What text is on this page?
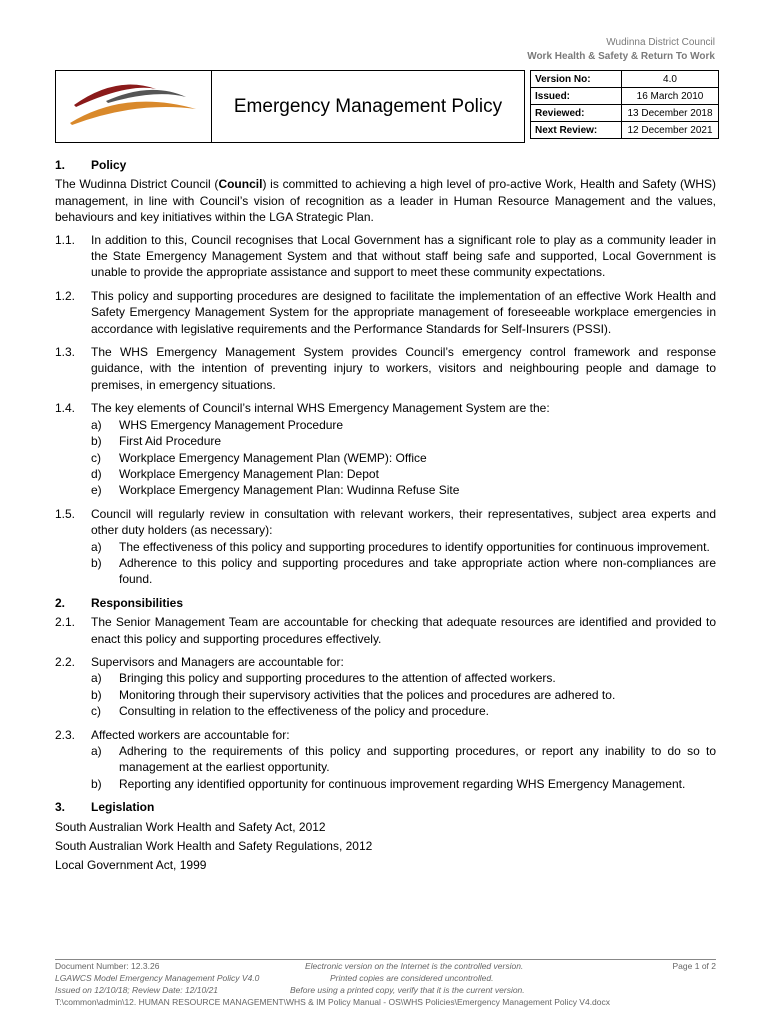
Wudinna District Council
Work Health & Safety & Return To Work
	Emergency Management Policy	
Version No:	4.0
Issued:	16 March 2010
Reviewed:	13 December 2018
Next Review:	12 December 2021
1.	Policy
The Wudinna District Council (Council) is committed to achieving a high level of pro-active Work, Health and Safety (WHS) management, in line with Council’s vision of recognition as a leader in Human Resource Management and the values, behaviours and key initiatives within the LGA Strategic Plan.
1.1.	In addition to this, Council recognises that Local Government has a significant role to play as a community leader in the State Emergency Management System and that without staff being safe and supported, Local Government is unable to provide the appropriate assistance and support to meet these community expectations.
1.2.	This policy and supporting procedures are designed to facilitate the implementation of an effective Work Health and Safety Emergency Management System for the appropriate management of foreseeable workplace emergencies in accordance with legislative requirements and the Performance Standards for Self-Insurers (PSSI).
1.3.	The WHS Emergency Management System provides Council’s emergency control framework and response guidance, with the intention of preventing injury to workers, visitors and neighbouring people and damage to premises, in emergency situations.
1.4.	The key elements of Council’s internal WHS Emergency Management System are the:
a)	WHS Emergency Management Procedure
b)	First Aid Procedure
c)	Workplace Emergency Management Plan (WEMP): Office
d)	Workplace Emergency Management Plan: Depot
e)	Workplace Emergency Management Plan: Wudinna Refuse Site
1.5.	Council will regularly review in consultation with relevant workers, their representatives, subject area experts and other duty holders (as necessary):
a)	The effectiveness of this policy and supporting procedures to identify opportunities for continuous improvement.
b)	Adherence to this policy and supporting procedures and take appropriate action where non-compliances are found.
2.	Responsibilities
2.1.	The Senior Management Team are accountable for checking that adequate resources are identified and provided to enact this policy and supporting procedures effectively.
2.2.	Supervisors and Managers are accountable for:
a)	Bringing this policy and supporting procedures to the attention of affected workers.
b)	Monitoring through their supervisory activities that the polices and procedures are adhered to.
c)	Consulting in relation to the effectiveness of the policy and procedure.
2.3.	Affected workers are accountable for:
a)	Adhering to the requirements of this policy and supporting procedures, or report any inability to do so to management at the earliest opportunity.
b)	Reporting any identified opportunity for continuous improvement regarding WHS Emergency Management.
3.	Legislation
South Australian Work Health and Safety Act, 2012
South Australian Work Health and Safety Regulations, 2012
Local Government Act, 1999
Document Number: 12.3.26	Electronic version on the Internet is the controlled version.	Page 1 of 2
LGAWCS Model Emergency Management Policy V4.0	Printed copies are considered uncontrolled.
Issued on 12/10/18; Review Date: 12/10/21	Before using a printed copy, verify that it is the current version.
T:\common\admin\12. HUMAN RESOURCE MANAGEMENT\WHS & IM Policy Manual - OS\WHS Policies\Emergency Management Policy V4.docx
